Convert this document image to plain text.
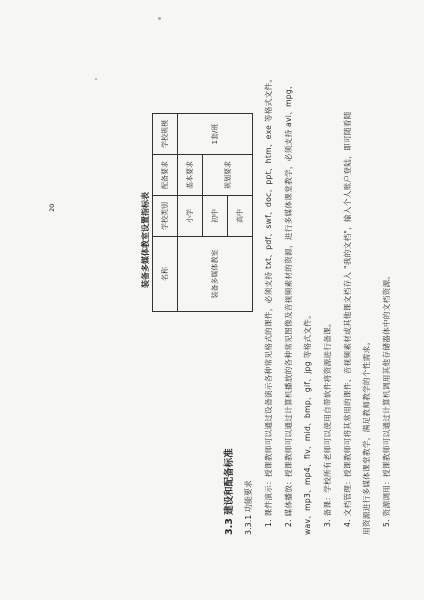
20	装备多媒体教室设置指标表 名称	学校类别	配备要求	学校规模
装备多媒体教室	小学	基本要求	1套/班
	初中	规划要求	
	高中		
3.3 建设和配备标准 3.3.1 功能要求 1. 课件演示：授课教师可以通过设备演示各种常见格式的课件，必须支持 txt、pdf、swf、doc、ppt、htm、exe 等格式文件。 2. 媒体播放：授课教师可以通过计算机播放的各种常见图像及音视频素材的资源，进行多媒体课堂教学，必须支持 avi、mpg、 wav、mp3、mp4、flv、mid、bmp、gif、jpg 等格式文件。 3. 备课：学校所有老师可以使用自带软件将资源进行备课。 4. 文档管理：授课教师可将其常用的课件、音视频素材或其他课文档存入 "我的文档"，输入个人账户登陆，即可随看随 用资源进行多媒体课堂教学，满足教师教学的个性需求。 5. 资源调用：授课教师可以通过计算机调用其他存储器体中的文档资源。
